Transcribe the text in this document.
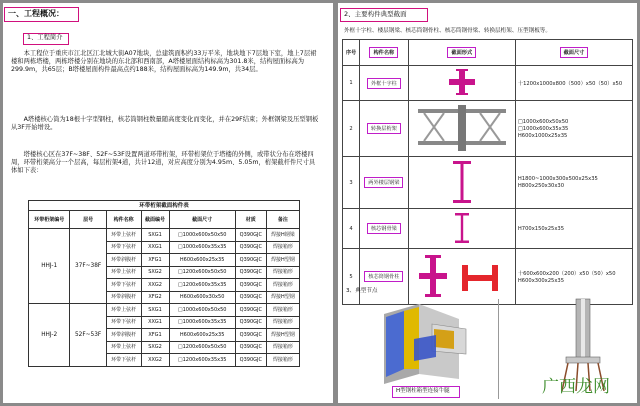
一、工程概况：

1、工程简介

本工程位于重庆市江北区江北城大街A07地块，总建筑面积约33万平米，地块地下7层地下室，地上7层裙楼和两栋塔楼，两栋塔楼分别在地块的东北部和西南部，A塔楼屋面结构标高为301.8米，结构屋面标高为299.9m，共65层；B塔楼屋面构件最高点约188米，结构屋面标高为149.9m，共34层。

A塔楼核心筒为18根十字型钢柱，核芯筒钢柱数量随高度变化而变化，并在29F结束；外框钢梁及压型钢板从3F开始增设。

塔楼核心区在37F~38F、52F~53F设置两道环带桁架，环带桁架位于塔楼的外侧，或带状分布在塔楼四周，环带桁架高分一个层高，每层桁架4道，共计12道，对应高度分别为4.95m、5.05m，桁架截杆件尺寸具体如下表：

环带桁架截面构件表						
环带桁架编号	层号	构件名称	截面编号	截面尺寸	材质	备注
HHJ-1	37F~38F	环带上弦杆	SXG1	□1000x600x50x50	Q390GJC	焊接H钢梁
		环带下弦杆	XXG1	□1000x600x35x35	Q390GJC	焊接箱形
		环带斜腹杆	XFG1	H600x600x25x35	Q390GJC	焊接H型钢
		环带上弦杆	SXG2	□1200x600x50x50	Q390GJC	焊接箱形
		环带下弦杆	XXG2	□1200x600x35x35	Q390GJC	焊接箱形
		环带斜腹杆	XFG2	H600x600x30x50	Q390GJC	焊接H型钢
HHJ-2	52F~53F	环带上弦杆	SXG1	□1000x600x50x50	Q390GJC	焊接箱形
		环带下弦杆	XXG1	□1000x600x35x35	Q390GJC	焊接箱形
		环带斜腹杆	XFG1	H600x600x25x35	Q390GJC	焊接H型钢
		环带上弦杆	SXG2	□1200x600x50x50	Q390GJC	焊接箱形
		环带下弦杆	XXG2	□1200x600x35x35	Q390GJC	焊接箱形

2、主要构件典型截面

外框十字柱、楼层钢梁、核芯筒钢骨柱、核芯筒钢骨梁、转换层桁架、压型钢板等。

序号	构件名称	截面形式	截面尺寸
1	外框十字柱		十1200x1000x800（500）x50（50）x50

2	转换层桁架		□1000x600x50x50
□1000x600x35x35
H600x1000x25x35

3	两外楼层钢梁		H1800~1000x300x500x25x35
H800x250x30x30

4	核芯钢骨梁		H700x150x25x35

5	核芯筒钢骨柱		十600x600x200（200）x50（50）x50
H600x300x25x35

3、典型节点

H型钢柱箱型连接牛腿	广西龙网
